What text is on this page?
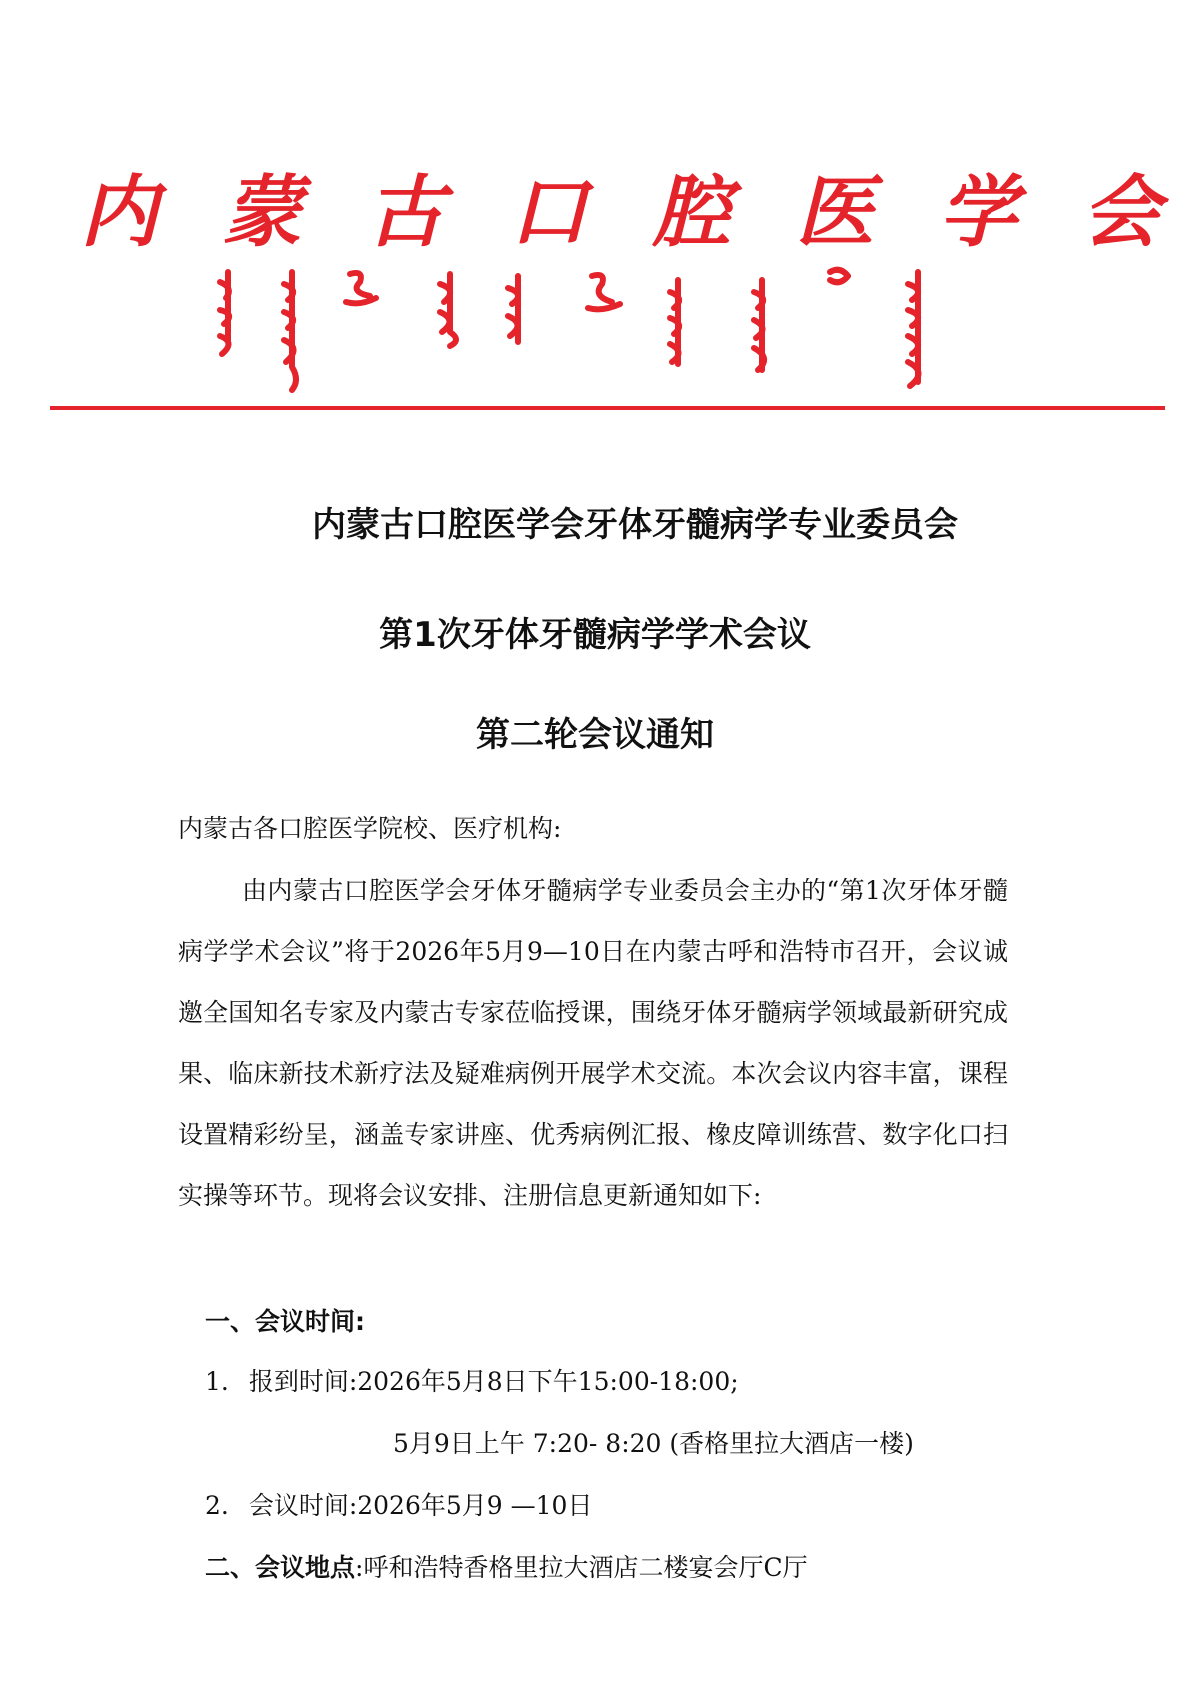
内 蒙 古 口 腔 医 学 会
内蒙古口腔医学会牙体牙髓病学专业委员会
第1次牙体牙髓病学学术会议
第二轮会议通知

内蒙古各口腔医学院校、医疗机构:

由内蒙古口腔医学会牙体牙髓病学专业委员会主办的“第1次牙体牙髓病学学术会议”将于2026年5月9—10日在内蒙古呼和浩特市召开，会议诚邀全国知名专家及内蒙古专家莅临授课，围绕牙体牙髓病学领域最新研究成果、临床新技术新疗法及疑难病例开展学术交流。本次会议内容丰富，课程设置精彩纷呈，涵盖专家讲座、优秀病例汇报、橡皮障训练营、数字化口扫实操等环节。现将会议安排、注册信息更新通知如下:

一、会议时间:

1. 报到时间:2026年5月8日下午15:00-18:00;

5月9日上午 7:20- 8:20 (香格里拉大酒店一楼)

2. 会议时间:2026年5月9 —10日

二、会议地点:呼和浩特香格里拉大酒店二楼宴会厅C厅
